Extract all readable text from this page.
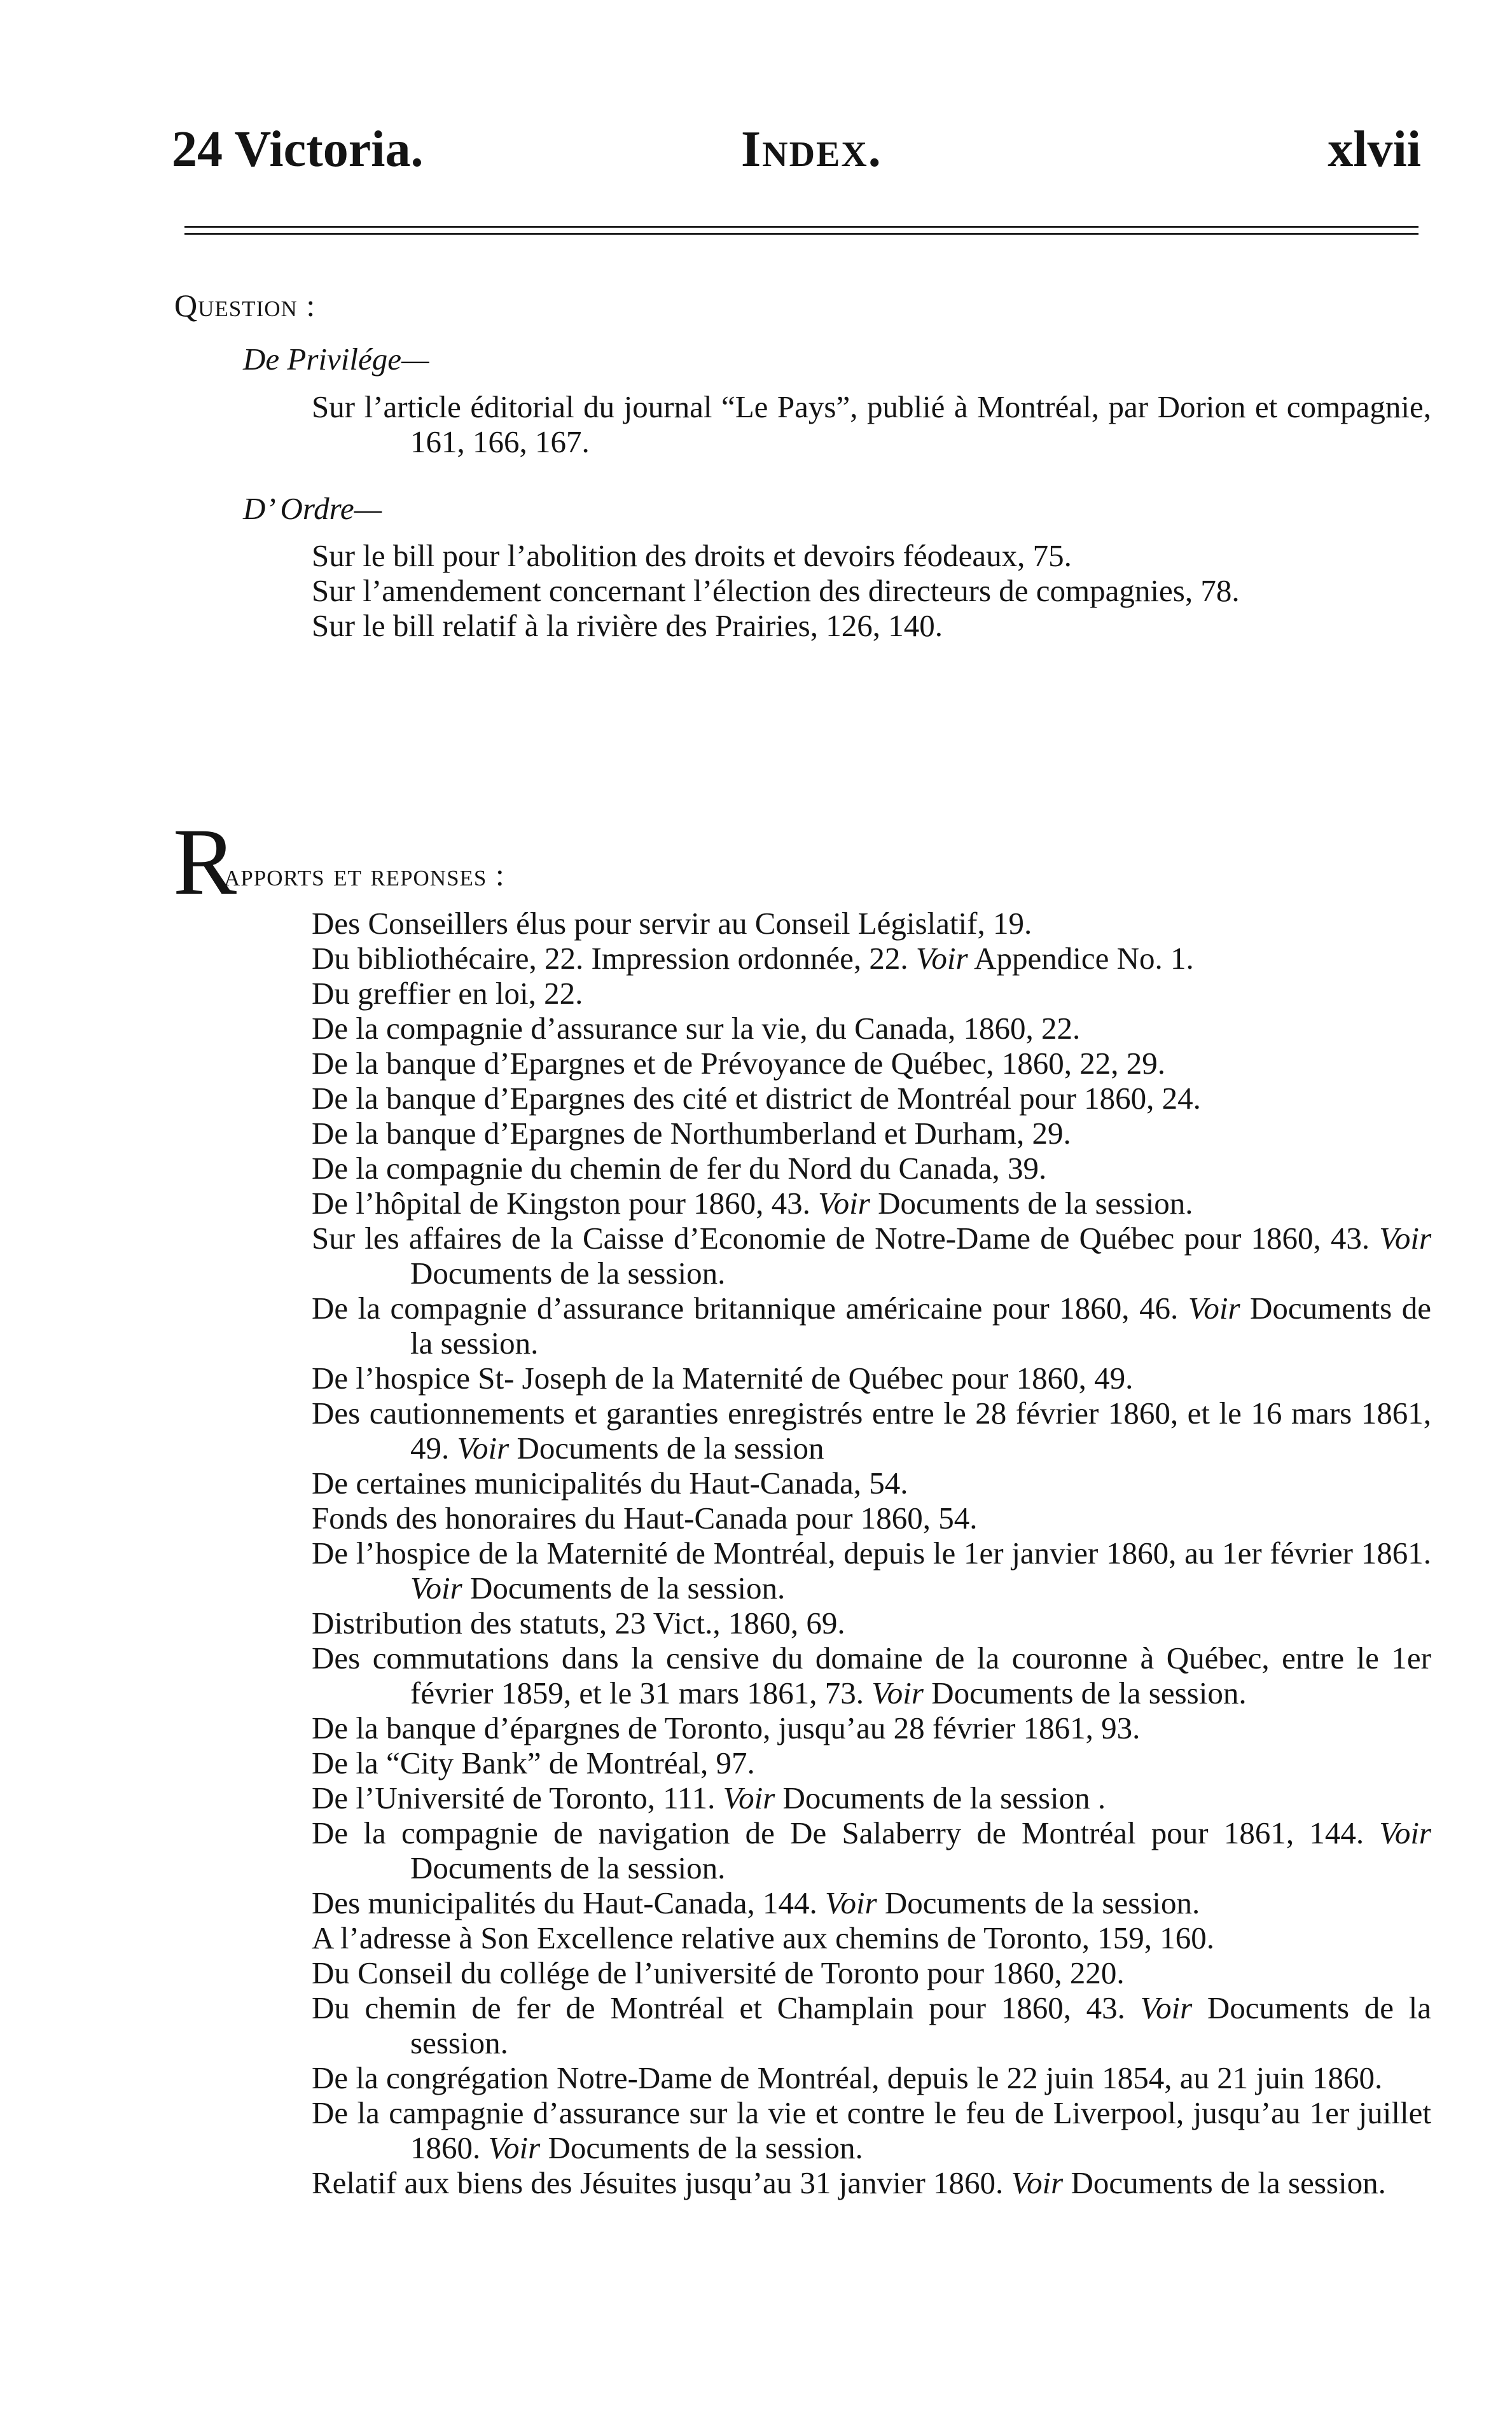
24 Victoria.	Index.	xlvii
Question :
De Privilége—
Sur l’article éditorial du journal “Le Pays”, publié à Montréal, par Dorion et compagnie, 161, 166, 167.
D’ Ordre—
Sur le bill pour l’abolition des droits et devoirs féodeaux, 75.
Sur l’amendement concernant l’élection des directeurs de compagnies, 78.
Sur le bill relatif à la rivière des Prairies, 126, 140.
R
apports et reponses :
Des Conseillers élus pour servir au Conseil Législatif, 19.
Du bibliothécaire, 22. Impression ordonnée, 22. Voir Appendice No. 1.
Du greffier en loi, 22.
De la compagnie d’assurance sur la vie, du Canada, 1860, 22.
De la banque d’Epargnes et de Prévoyance de Québec, 1860, 22, 29.
De la banque d’Epargnes des cité et district de Montréal pour 1860, 24.
De la banque d’Epargnes de Northumberland et Durham, 29.
De la compagnie du chemin de fer du Nord du Canada, 39.
De l’hôpital de Kingston pour 1860, 43. Voir Documents de la session.
Sur les affaires de la Caisse d’Economie de Notre-Dame de Québec pour 1860, 43. Voir Documents de la session.
De la compagnie d’assurance britannique américaine pour 1860, 46. Voir Documents de la session.
De l’hospice St- Joseph de la Maternité de Québec pour 1860, 49.
Des cautionnements et garanties enregistrés entre le 28 février 1860, et le 16 mars 1861, 49. Voir Documents de la session
De certaines municipalités du Haut-Canada, 54.
Fonds des honoraires du Haut-Canada pour 1860, 54.
De l’hospice de la Maternité de Montréal, depuis le 1er janvier 1860, au 1er février 1861. Voir Documents de la session.
Distribution des statuts, 23 Vict., 1860, 69.
Des commutations dans la censive du domaine de la couronne à Québec, entre le 1er février 1859, et le 31 mars 1861, 73. Voir Documents de la session.
De la banque d’épargnes de Toronto, jusqu’au 28 février 1861, 93.
De la “City Bank” de Montréal, 97.
De l’Université de Toronto, 111. Voir Documents de la session .
De la compagnie de navigation de De Salaberry de Montréal pour 1861, 144. Voir Documents de la session.
Des municipalités du Haut-Canada, 144. Voir Documents de la session.
A l’adresse à Son Excellence relative aux chemins de Toronto, 159, 160.
Du Conseil du collége de l’université de Toronto pour 1860, 220.
Du chemin de fer de Montréal et Champlain pour 1860, 43. Voir Documents de la session.
De la congrégation Notre-Dame de Montréal, depuis le 22 juin 1854, au 21 juin 1860.
De la campagnie d’assurance sur la vie et contre le feu de Liverpool, jusqu’au 1er juillet 1860. Voir Documents de la session.
Relatif aux biens des Jésuites jusqu’au 31 janvier 1860. Voir Documents de la session.
